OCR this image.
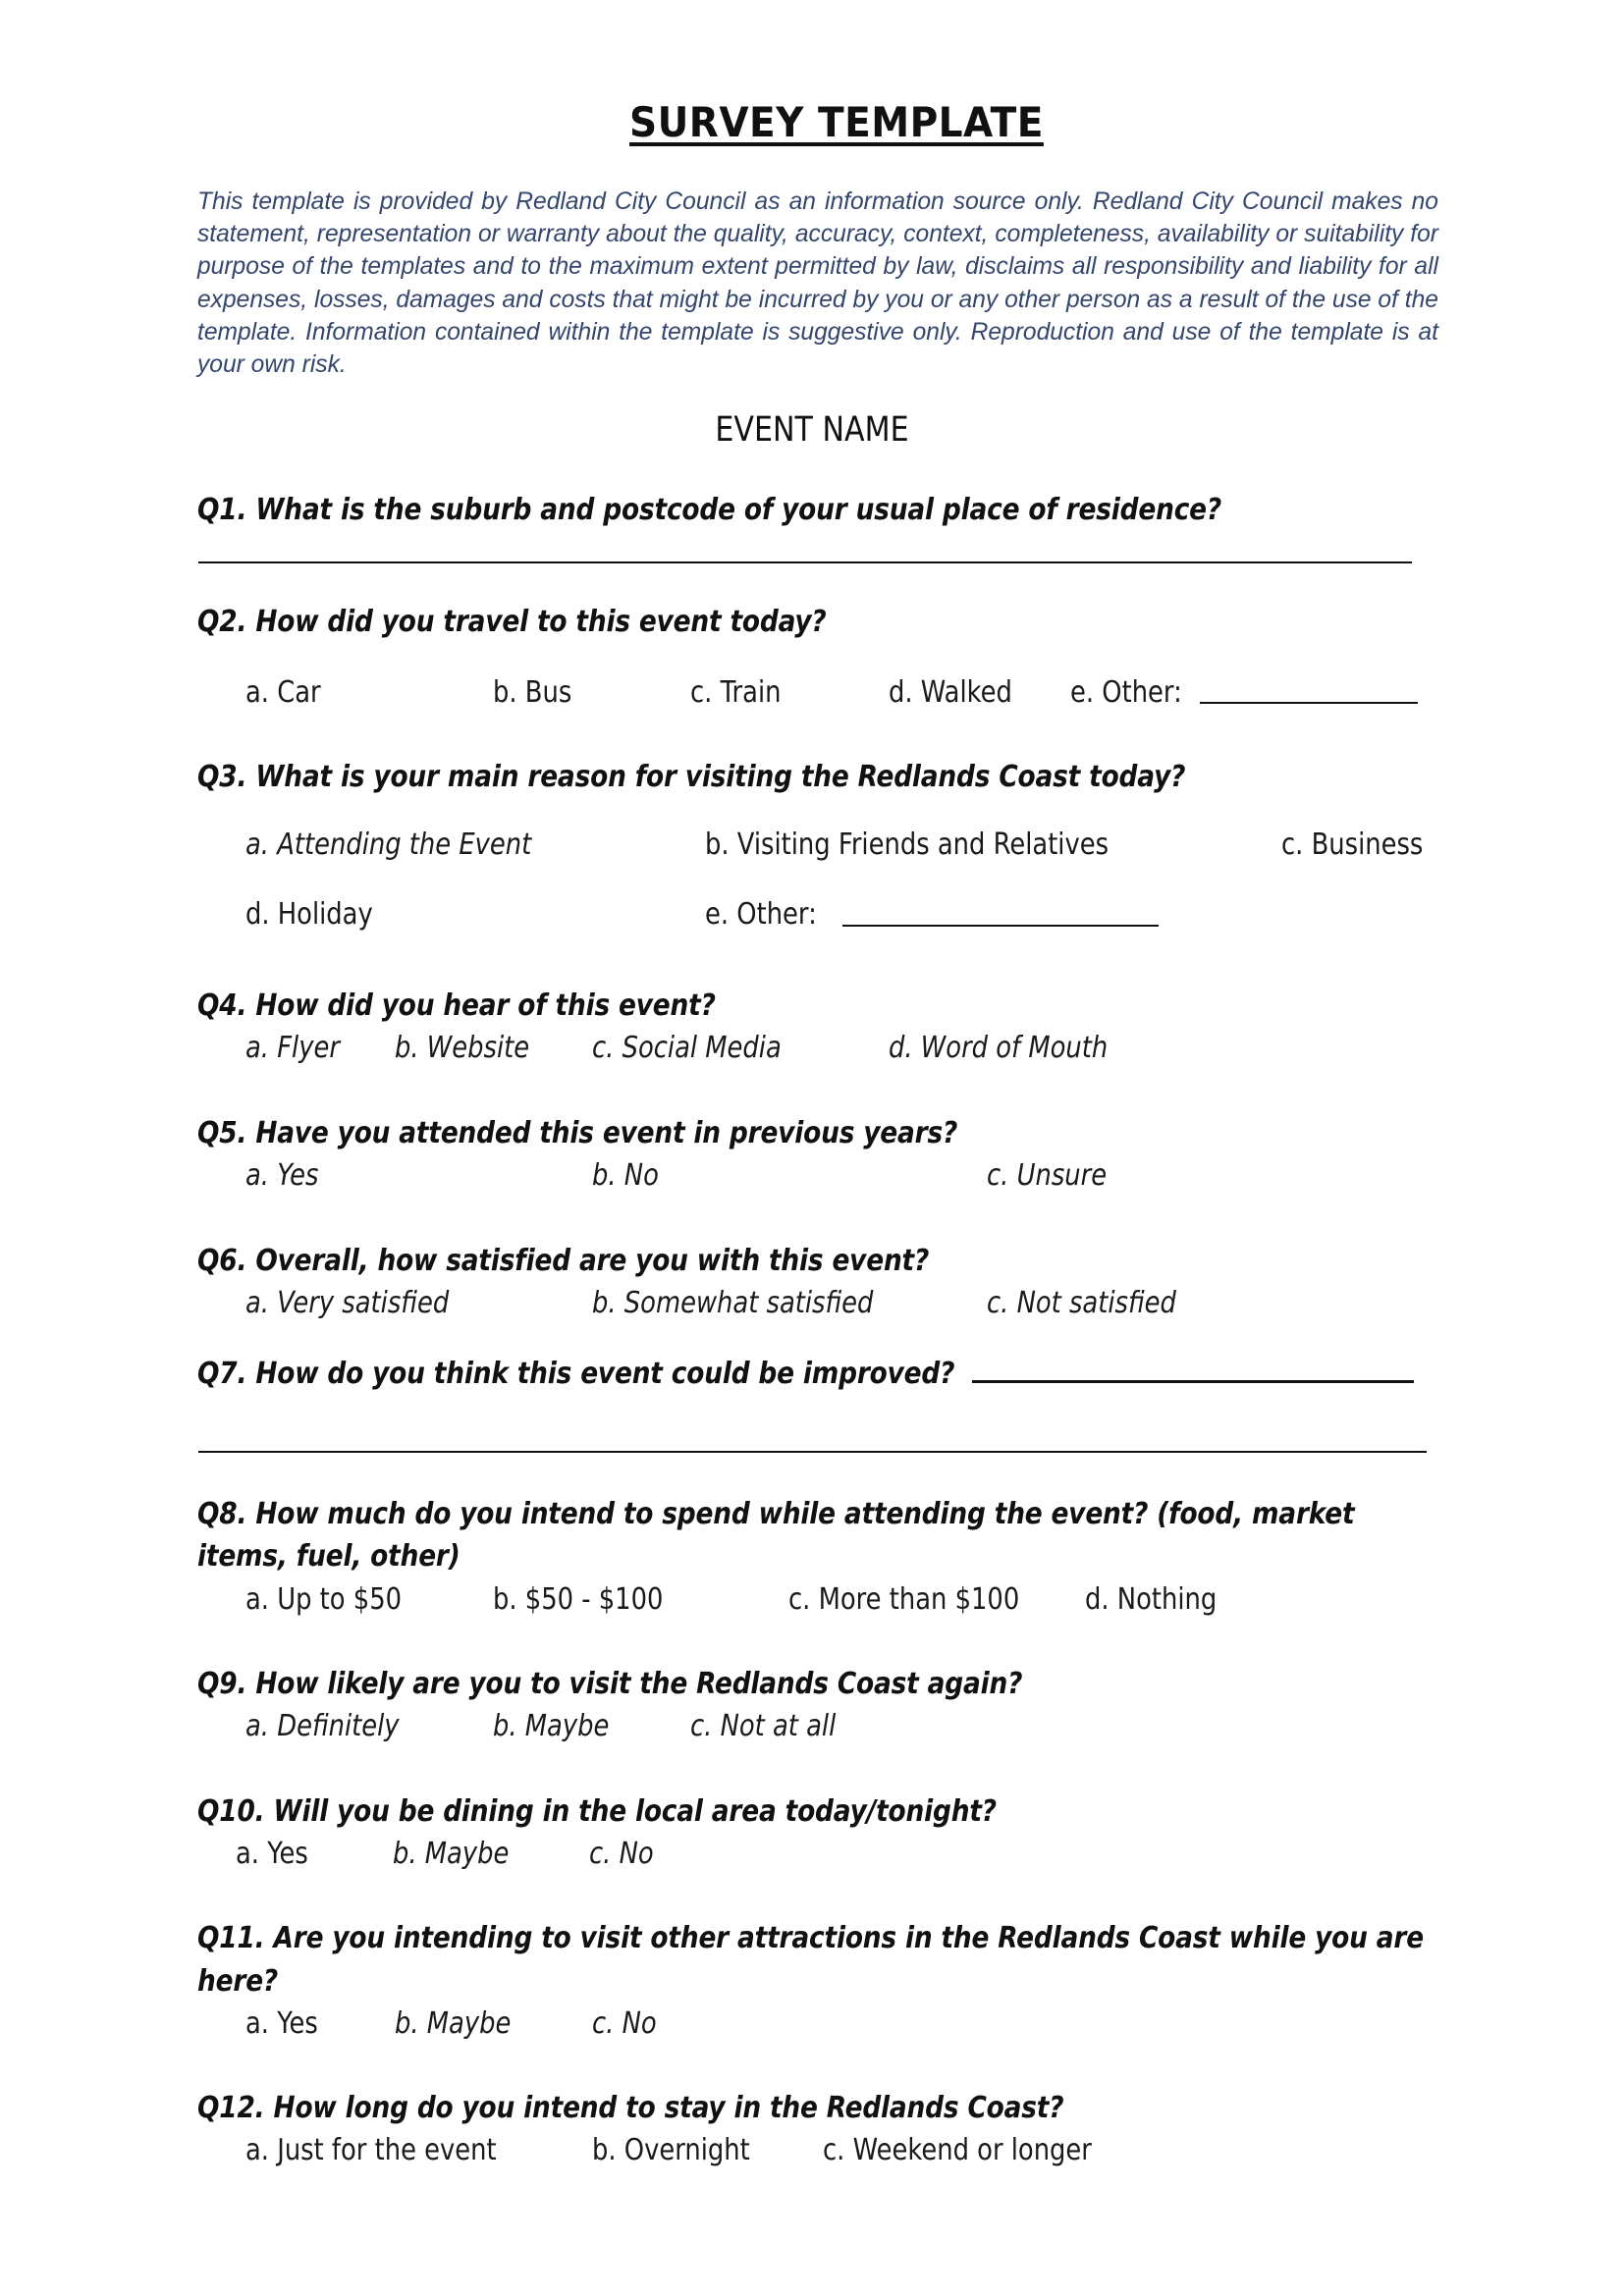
SURVEY TEMPLATE
This template is provided by Redland City Council as an information source only. Redland City Council makes no statement, representation or warranty about the quality, accuracy, context, completeness, availability or suitability for purpose of the templates and to the maximum extent permitted by law, disclaims all responsibility and liability for all expenses, losses, damages and costs that might be incurred by you or any other person as a result of the use of the template. Information contained within the template is suggestive only. Reproduction and use of the template is at your own risk.
EVENT NAME
Q1. What is the suburb and postcode of your usual place of residence?
Q2. How did you travel to this event today?
a. Car	b. Bus	c. Train	d. Walked e. Other:
Q3. What is your main reason for visiting the Redlands Coast today?
a. Attending the Event	b. Visiting Friends and Relatives	c. Business
d. Holiday	e. Other:
Q4. How did you hear of this event?
a. Flyer b. Website c. Social Media	d. Word of Mouth
Q5. Have you attended this event in previous years?
a. Yes	b. No	c. Unsure
Q6. Overall, how satisfied are you with this event?
a. Very satisfied	b. Somewhat satisfied	c. Not satisfied
Q7. How do you think this event could be improved?
Q8. How much do you intend to spend while attending the event? (food, market
items, fuel, other)
a. Up to $50	b. $50 - $100	c. More than $100 d. Nothing
Q9. How likely are you to visit the Redlands Coast again?
a. Definitely	b. Maybe	c. Not at all
Q10. Will you be dining in the local area today/tonight?
a. Yes	b. Maybe	c. No
Q11. Are you intending to visit other attractions in the Redlands Coast while you are
here?
a. Yes	b. Maybe	c. No
Q12. How long do you intend to stay in the Redlands Coast?
a. Just for the event	b. Overnight c. Weekend or longer
